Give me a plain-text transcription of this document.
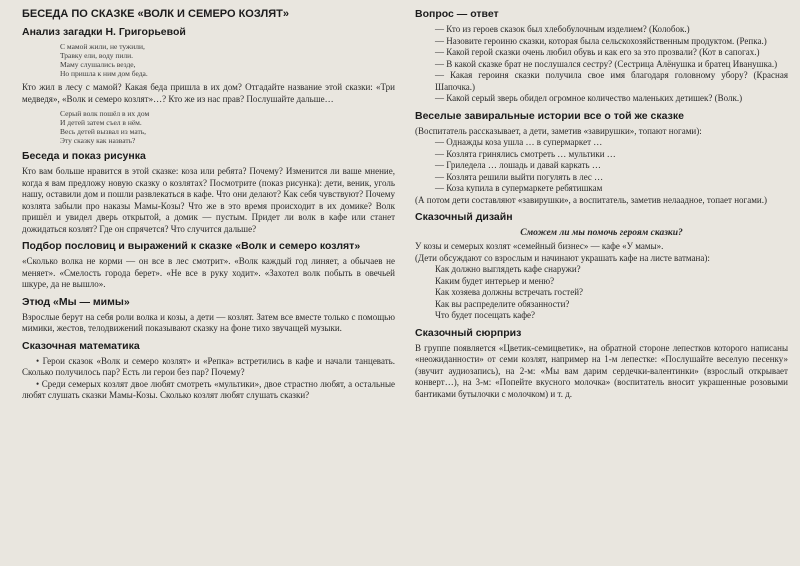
БЕСЕДА ПО СКАЗКЕ «ВОЛК И СЕМЕРО КОЗЛЯТ»
Анализ загадки Н. Григорьевой
С мамой жили, не тужили,
Травку ели, воду пили.
Маму слушались везде,
Но пришла к ним дом беда.

Кто жил в лесу с мамой? Какая беда пришла в их дом? Отгадайте название этой сказки: «Три медведя», «Волк и семеро козлят»…? Кто же из нас прав? Послушайте дальше…

Серый волк пошёл в их дом
И детей затем съел в нём.
Весь детей вызвал из мать,
Эту сказку как назвать?
Беседа и показ рисунка

Кто вам больше нравится в этой сказке: коза или ребята? Почему? Изменится ли ваше мнение, когда я вам предложу новую сказку о козлятах? Посмотрите (показ рисунка): дети, веник, уголь нашу, оставили дом и пошли развлекаться в кафе. Что они делают? Как себя чувствуют? Почему козлята забыли про наказы Мамы-Козы? Что же в это время происходит в их домике? Волк пришёл и увидел дверь открытой, а домик — пустым. Придет ли волк в кафе или станет дожидаться козлят? Где он спрячется? Что случится дальше?

Подбор пословиц и выражений к сказке «Волк и семеро козлят»

«Сколько волка не корми — он все в лес смотрит». «Волк каждый год линяет, а обычаев не меняет». «Смелость города берет». «Не все в руку ходит». «Захотел волк побыть в овечьей шкуре, да не вышло».

Этюд «Мы — мимы»

Взрослые берут на себя роли волка и козы, а дети — козлят. Затем все вместе только с помощью мимики, жестов, телодвижений показывают сказку на фоне тихо звучащей музыки.

Сказочная математика

• Герои сказок «Волк и семеро козлят» и «Репка» встретились в кафе и начали танцевать. Сколько получилось пар? Есть ли герои без пар? Почему?

• Среди семерых козлят двое любят смотреть «мультики», двое страстно любят, а остальные любят слушать сказки Мамы-Козы. Сколько козлят любят слушать сказки?

Вопрос — ответ

— Кто из героев сказок был хлебобулочным изделием? (Колобок.)

— Назовите героиню сказки, которая была сельскохозяйственным продуктом. (Репка.)

— Какой герой сказки очень любил обувь и как его за это прозвали? (Кот в сапогах.)

— В какой сказке брат не послушался сестру? (Сестрица Алёнушка и братец Иванушка.)

— Какая героиня сказки получила свое имя благодаря головному убору? (Красная Шапочка.)

— Какой серый зверь обидел огромное количество маленьких детишек? (Волк.)

Веселые завиральные истории все о той же сказке

(Воспитатель рассказывает, а дети, заметив «завирушки», топают ногами):

— Однажды коза ушла … в супермаркет …

— Козлята гринялись смотреть … мультики …

— Гриледела … лошадь и давай каркать …

— Козлята решили выйти погулять в лес …

— Коза купила в супермаркете ребятишкам

(А потом дети составляют «завирушки», а воспитатель, заметив нелаадное, топает ногами.)

Сказочный дизайн

Сможем ли мы помочь героям сказки?

У козы и семерых козлят «семейный бизнес» — кафе «У мамы».

(Дети обсуждают со взрослым и начинают украшать кафе на листе ватмана):

Как должно выглядеть кафе снаружи?

Каким будет интерьер и меню?

Как хозяева должны встречать гостей?

Как вы распределите обязанности?

Что будет посещать кафе?

Сказочный сюрприз

В группе появляется «Цветик-семицветик», на обратной стороне лепестков которого написаны «неожиданности» от семи козлят, например на 1-м лепестке: «Послушайте веселую песенку» (звучит аудиозапись), на 2-м: «Мы вам дарим сердечки-валентинки» (взрослый открывает конверт…), на 3-м: «Попейте вкусного молочка» (воспитатель вносит украшенные розовыми бантиками бутылочки с молочком) и т. д.
